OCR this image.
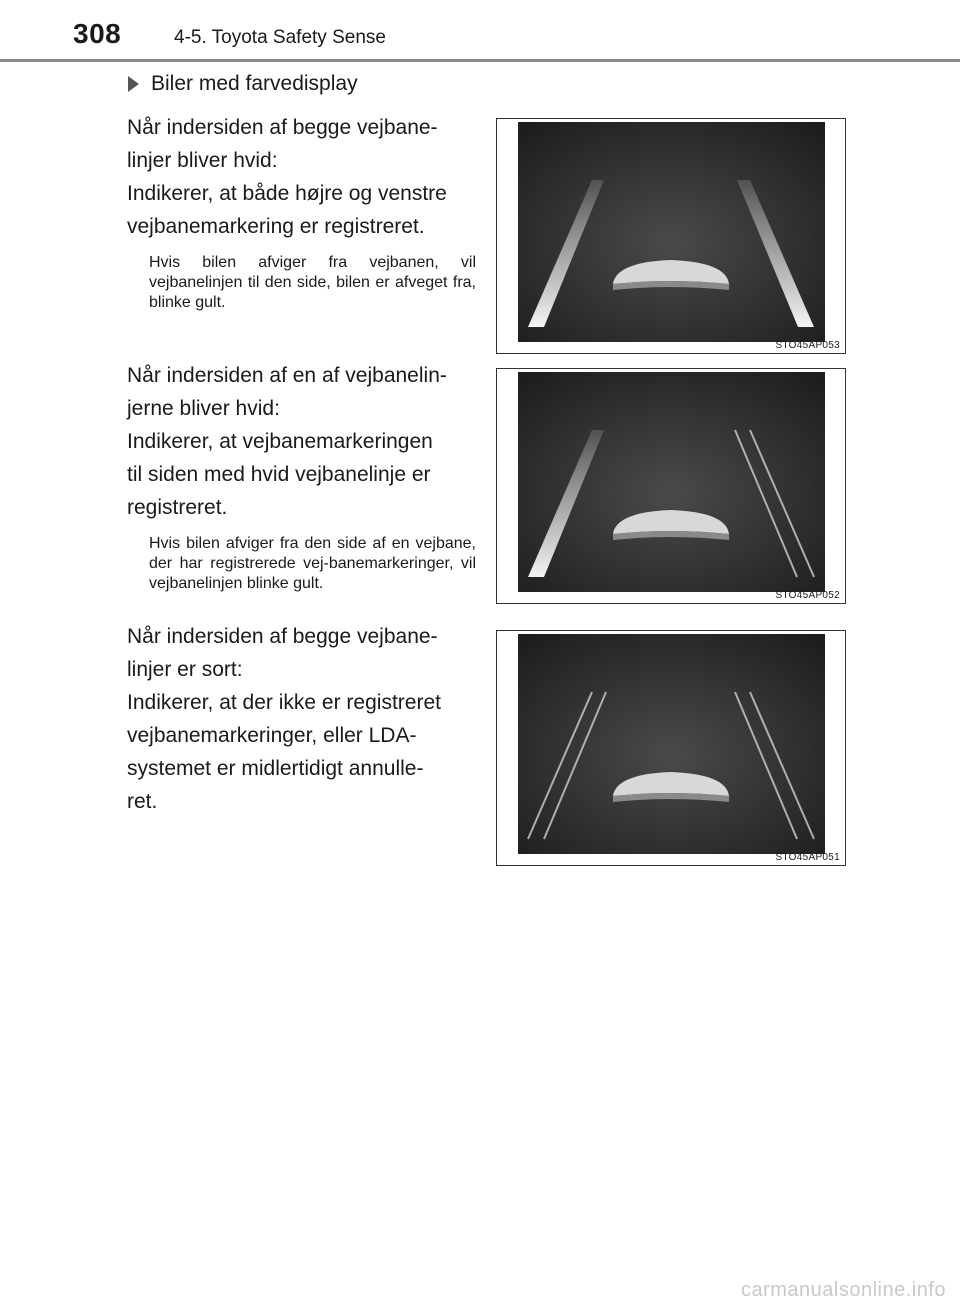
308	4-5. Toyota Safety Sense
Biler med farvedisplay

Når indersiden af begge vejbane-

linjer bliver hvid:

Indikerer, at både højre og venstre

vejbanemarkering er registreret.

Hvis bilen afviger fra vejbanen, vil vejbanelinjen til den side, bilen er afveget fra, blinke gult.
STO45AP053

Når indersiden af en af vejbanelin-

jerne bliver hvid:

Indikerer, at vejbanemarkeringen

til siden med hvid vejbanelinje er

registreret.

Hvis bilen afviger fra den side af en vejbane, der har registrerede vej-banemarkeringer, vil vejbanelinjen blinke gult.
STO45AP052

Når indersiden af begge vejbane-

linjer er sort:

Indikerer, at der ikke er registreret

vejbanemarkeringer, eller LDA-

systemet er midlertidigt annulle-

ret.

STO45AP051
carmanualsonline.info
